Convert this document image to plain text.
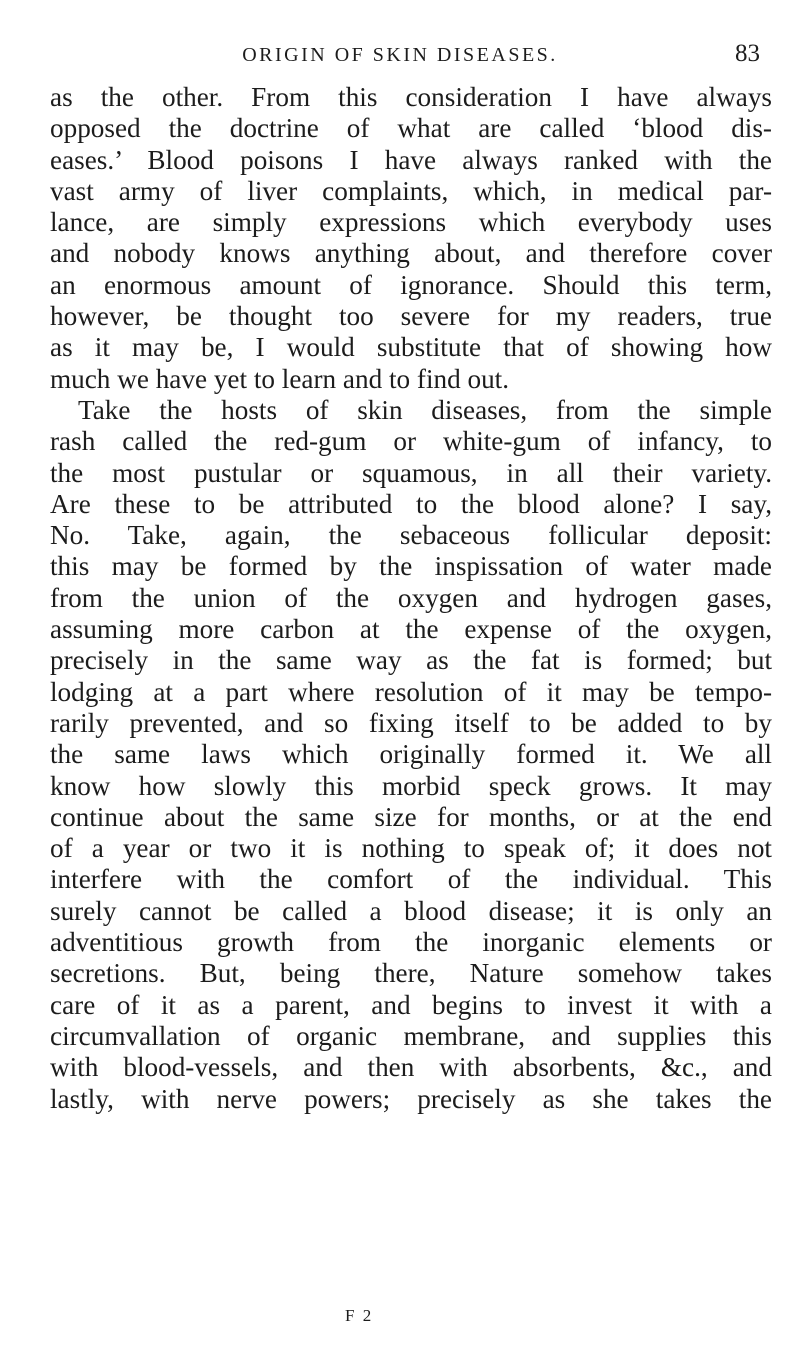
ORIGIN OF SKIN DISEASES.	83
as the other. From this consideration I have always
opposed the doctrine of what are called ‘blood dis-
eases.’ Blood poisons I have always ranked with the
vast army of liver complaints, which, in medical par-
lance, are simply expressions which everybody uses
and nobody knows anything about, and therefore cover
an enormous amount of ignorance. Should this term,
however, be thought too severe for my readers, true
as it may be, I would substitute that of showing how
much we have yet to learn and to find out.
Take the hosts of skin diseases, from the simple
rash called the red-gum or white-gum of infancy, to
the most pustular or squamous, in all their variety.
Are these to be attributed to the blood alone? I say,
No. Take, again, the sebaceous follicular deposit:
this may be formed by the inspissation of water made
from the union of the oxygen and hydrogen gases,
assuming more carbon at the expense of the oxygen,
precisely in the same way as the fat is formed; but
lodging at a part where resolution of it may be tempo-
rarily prevented, and so fixing itself to be added to by
the same laws which originally formed it. We all
know how slowly this morbid speck grows. It may
continue about the same size for months, or at the end
of a year or two it is nothing to speak of; it does not
interfere with the comfort of the individual. This
surely cannot be called a blood disease; it is only an
adventitious growth from the inorganic elements or
secretions. But, being there, Nature somehow takes
care of it as a parent, and begins to invest it with a
circumvallation of organic membrane, and supplies this
with blood-vessels, and then with absorbents, &c., and
lastly, with nerve powers; precisely as she takes the
F 2
